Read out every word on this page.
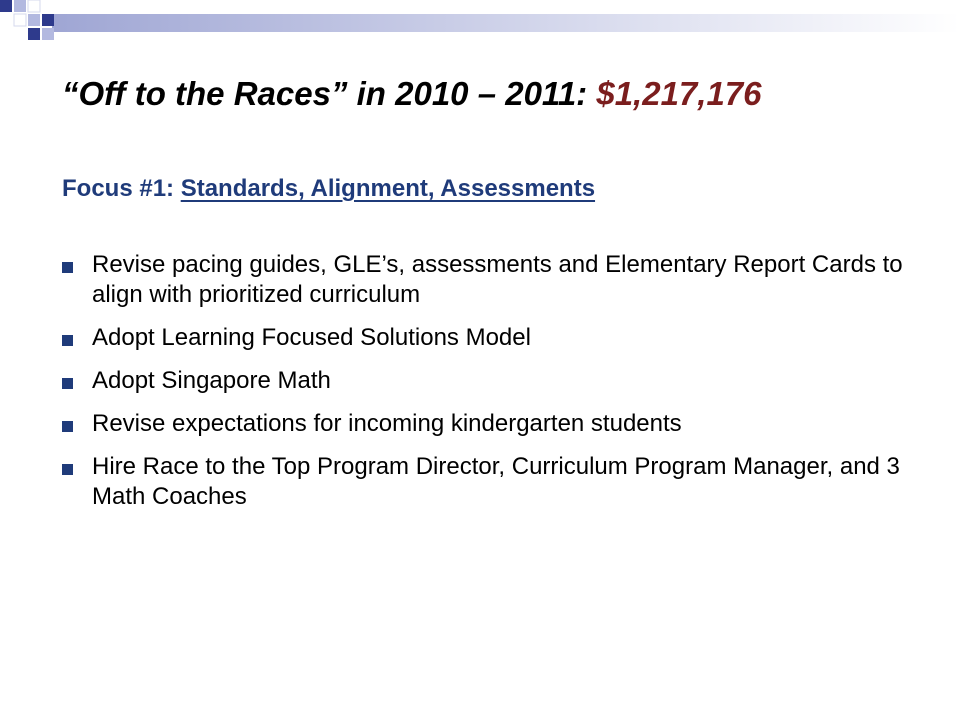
“Off to the Races” in 2010 – 2011: $1,217,176
Focus #1: Standards, Alignment, Assessments
Revise pacing guides, GLE’s, assessments and Elementary Report Cards to align with prioritized curriculum
Adopt Learning Focused Solutions Model
Adopt Singapore Math
Revise expectations for incoming kindergarten students
Hire Race to the Top Program Director, Curriculum Program Manager, and 3 Math Coaches
